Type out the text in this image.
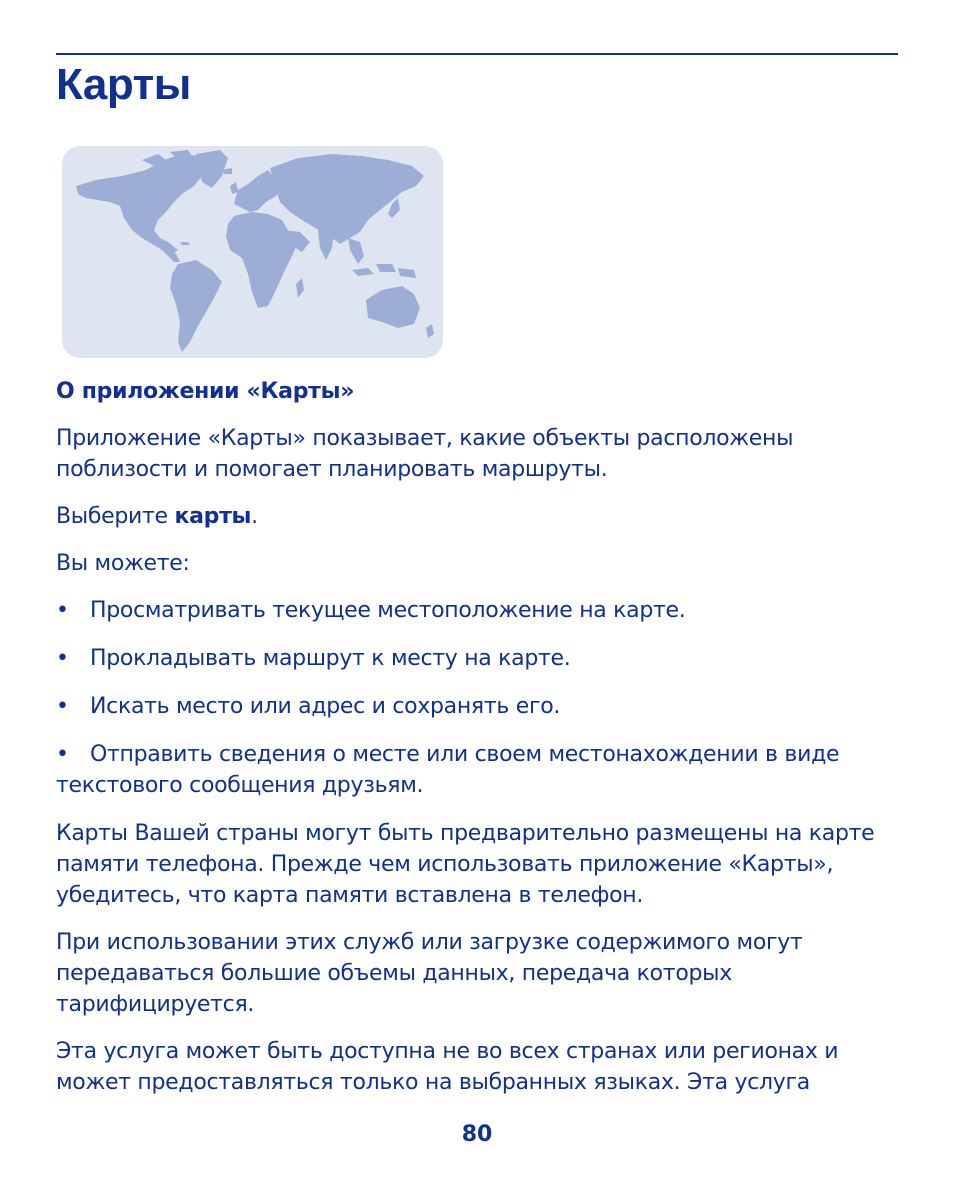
Карты
О приложении «Карты»

Приложение «Карты» показывает, какие объекты расположены поблизости и помогает планировать маршруты.

Выберите карты.

Вы можете:

• Просматривать текущее местоположение на карте.
• Прокладывать маршрут к месту на карте.
• Искать место или адрес и сохранять его.
• Отправить сведения о месте или своем местонахождении в виде текстового сообщения друзьям.

Карты Вашей страны могут быть предварительно размещены на карте памяти телефона. Прежде чем использовать приложение «Карты», убедитесь, что карта памяти вставлена в телефон.

При использовании этих служб или загрузке содержимого могут передаваться большие объемы данных, передача которых тарифицируется.

Эта услуга может быть доступна не во всех странах или регионах и может предоставляться только на выбранных языках. Эта услуга

80
